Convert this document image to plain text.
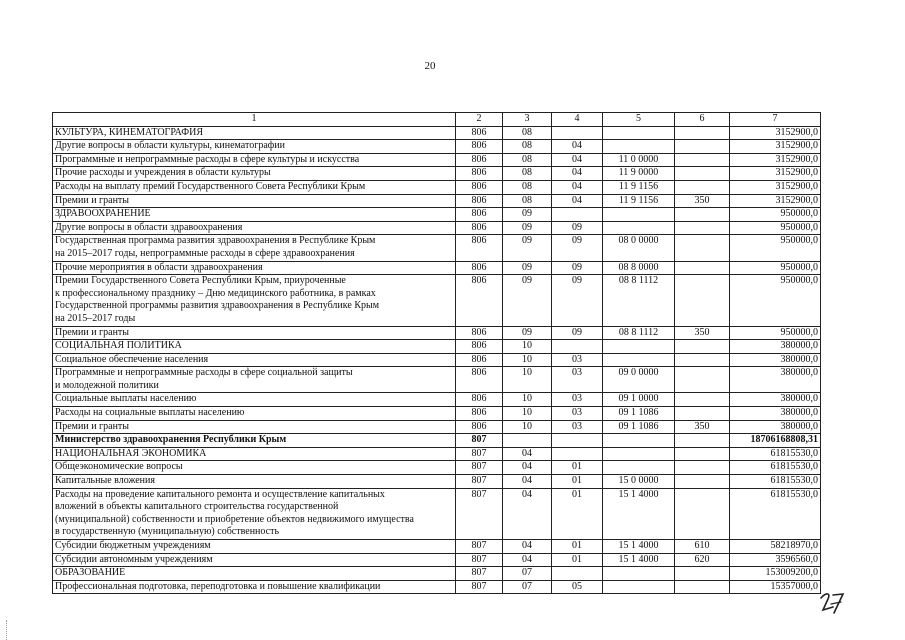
20
1	2	3	4	5	6	7

КУЛЬТУРА, КИНЕМАТОГРАФИЯ	806	08				3152900,0

Другие вопросы в области культуры, кинематографии	806	08	04			3152900,0

Программные и непрограммные расходы в сфере культуры и искусства	806	08	04	11 0 0000		3152900,0

Прочие расходы и учреждения в области культуры	806	08	04	11 9 0000		3152900,0

Расходы на выплату премий Государственного Совета Республики Крым	806	08	04	11 9 1156		3152900,0

Премии и гранты	806	08	04	11 9 1156	350	3152900,0

ЗДРАВООХРАНЕНИЕ	806	09				950000,0

Другие вопросы в области здравоохранения	806	09	09			950000,0

Государственная программа развития здравоохранения в Республике Крым
на 2015–2017 годы, непрограммные расходы в сфере здравоохранения	806	09	09	08 0 0000		950000,0

Прочие мероприятия в области здравоохранения	806	09	09	08 8 0000		950000,0

Премии Государственного Совета Республики Крым, приуроченные
к профессиональному празднику – Дню медицинского работника, в рамках
Государственной программы развития здравоохранения в Республике Крым
на 2015–2017 годы	806	09	09	08 8 1112		950000,0

Премии и гранты	806	09	09	08 8 1112	350	950000,0

СОЦИАЛЬНАЯ ПОЛИТИКА	806	10				380000,0

Социальное обеспечение населения	806	10	03			380000,0

Программные и непрограммные расходы в сфере социальной защиты
и молодежной политики	806	10	03	09 0 0000		380000,0

Социальные выплаты населению	806	10	03	09 1 0000		380000,0

Расходы на социальные выплаты населению	806	10	03	09 1 1086		380000,0

Премии и гранты	806	10	03	09 1 1086	350	380000,0

Министерство здравоохранения Республики Крым	807					18706168808,31

НАЦИОНАЛЬНАЯ ЭКОНОМИКА	807	04				61815530,0

Общеэкономические вопросы	807	04	01			61815530,0

Капитальные вложения	807	04	01	15 0 0000		61815530,0

Расходы на проведение капитального ремонта и осуществление капитальных
вложений в объекты капитального строительства государственной
(муниципальной) собственности и приобретение объектов недвижимого имущества
в государственную (муниципальную) собственность	807	04	01	15 1 4000		61815530,0

Субсидии бюджетным учреждениям	807	04	01	15 1 4000	610	58218970,0

Субсидии автономным учреждениям	807	04	01	15 1 4000	620	3596560,0

ОБРАЗОВАНИЕ	807	07				153009200,0

Профессиональная подготовка, переподготовка и повышение квалификации	807	07	05			15357000,0
